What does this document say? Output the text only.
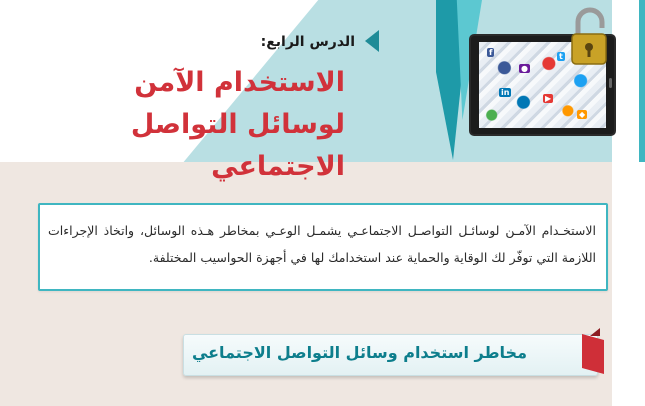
الدرس الرابع:
الاستخدام الآمن لوسائل التواصل الاجتماعي
f
●
t
in
▶
◆
الاستخـدام الآمـن لوسائـل التواصـل الاجتماعـي يشمـل الوعـي بمخاطر هـذه الوسائل، واتخاذ الإجراءات اللازمة التي توفّر لك الوقاية والحماية عند استخدامك لها في أجهزة الحواسيب المختلفة.
مخاطر استخدام وسائل التواصل الاجتماعي
